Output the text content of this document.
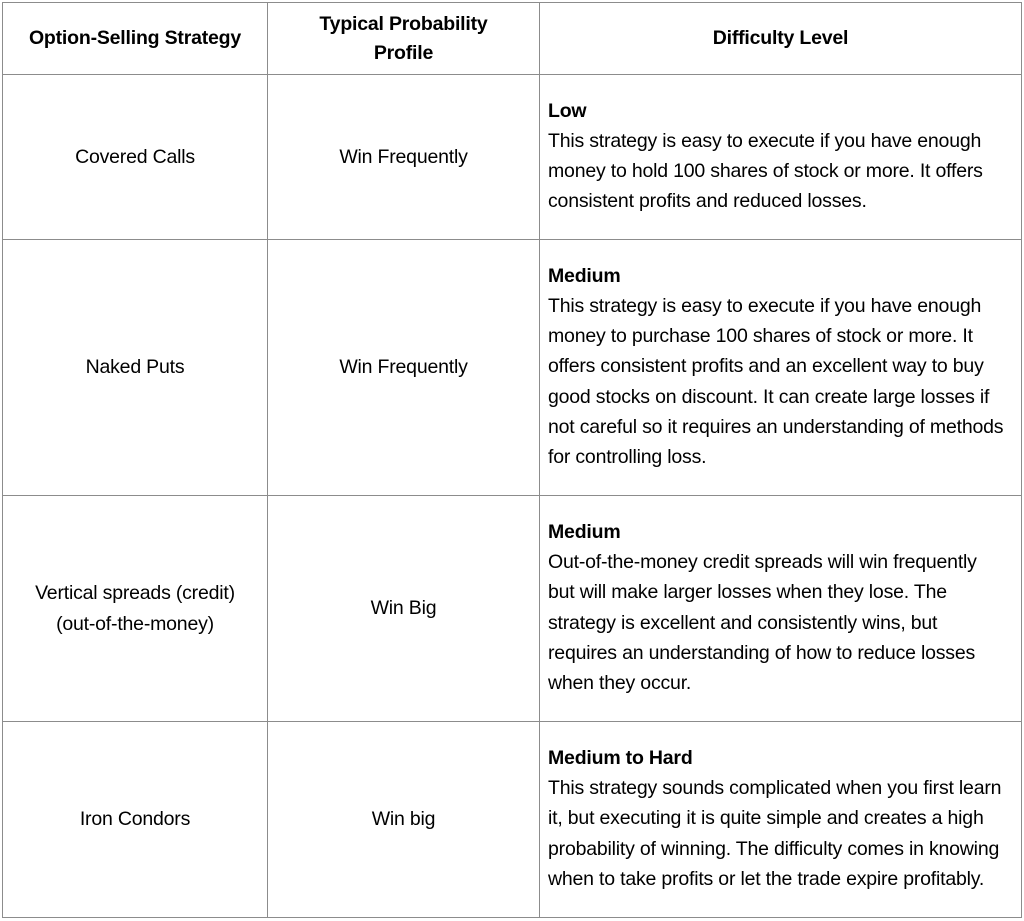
Option-Selling Strategy	Typical Probability Profile	Difficulty Level
Covered Calls	Win Frequently	Low
This strategy is easy to execute if you have enough money to hold 100 shares of stock or more. It offers consistent profits and reduced losses.

Naked Puts	Win Frequently	Medium
This strategy is easy to execute if you have enough money to purchase 100 shares of stock or more. It offers consistent profits and an excellent way to buy good stocks on discount. It can create large losses if not careful so it requires an understanding of methods for controlling loss.

Vertical spreads (credit) (out-of-the-money)	Win Big	Medium
Out-of-the-money credit spreads will win frequently but will make larger losses when they lose. The strategy is excellent and consistently wins, but requires an understanding of how to reduce losses when they occur.

Iron Condors	Win big	Medium to Hard
This strategy sounds complicated when you first learn it, but executing it is quite simple and creates a high probability of winning. The difficulty comes in knowing when to take profits or let the trade expire profitably.
